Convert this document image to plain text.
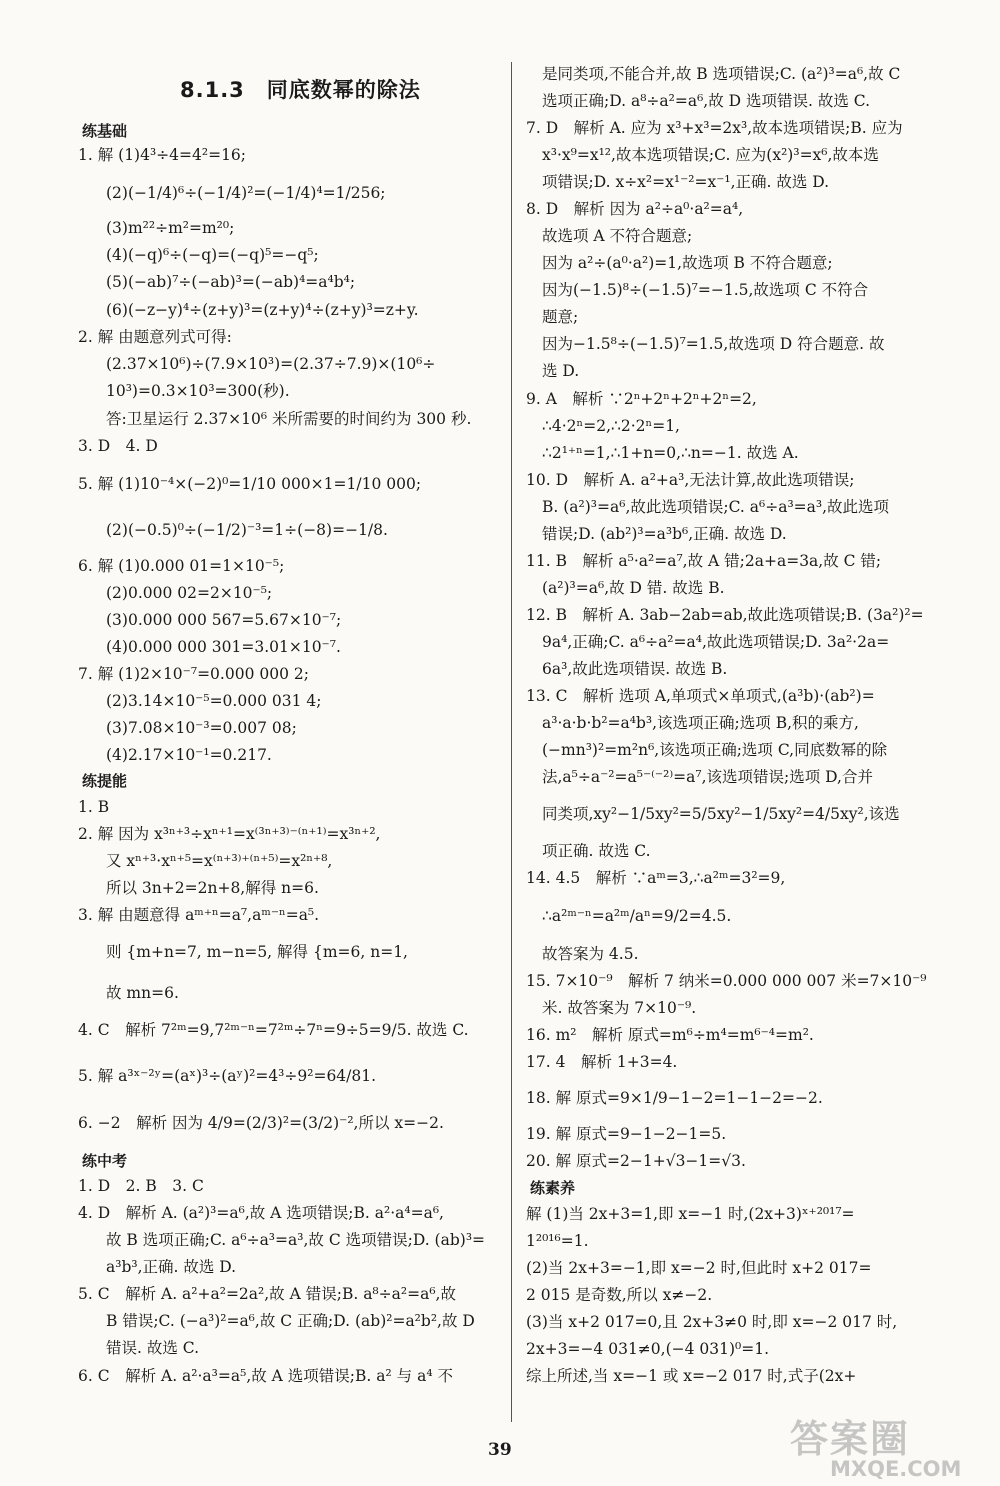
8.1.3　同底数幂的除法
练基础
1. 解 (1)4³÷4=4²=16;
(2)(−1/4)⁶÷(−1/4)²=(−1/4)⁴=1/256;
(3)m²²÷m²=m²⁰;
(4)(−q)⁶÷(−q)=(−q)⁵=−q⁵;
(5)(−ab)⁷÷(−ab)³=(−ab)⁴=a⁴b⁴;
(6)(−z−y)⁴÷(z+y)³=(z+y)⁴÷(z+y)³=z+y.
2. 解 由题意列式可得:
(2.37×10⁶)÷(7.9×10³)=(2.37÷7.9)×(10⁶÷
10³)=0.3×10³=300(秒).
答:卫星运行 2.37×10⁶ 米所需要的时间约为 300 秒.
3. D　4. D
5. 解 (1)10⁻⁴×(−2)⁰=1/10 000×1=1/10 000;
(2)(−0.5)⁰÷(−1/2)⁻³=1÷(−8)=−1/8.
6. 解 (1)0.000 01=1×10⁻⁵;
(2)0.000 02=2×10⁻⁵;
(3)0.000 000 567=5.67×10⁻⁷;
(4)0.000 000 301=3.01×10⁻⁷.
7. 解 (1)2×10⁻⁷=0.000 000 2;
(2)3.14×10⁻⁵=0.000 031 4;
(3)7.08×10⁻³=0.007 08;
(4)2.17×10⁻¹=0.217.
练提能
1. B
2. 解 因为 x³ⁿ⁺³÷xⁿ⁺¹=x⁽³ⁿ⁺³⁾⁻⁽ⁿ⁺¹⁾=x³ⁿ⁺²,
又 xⁿ⁺³·xⁿ⁺⁵=x⁽ⁿ⁺³⁾⁺⁽ⁿ⁺⁵⁾=x²ⁿ⁺⁸,
所以 3n+2=2n+8,解得 n=6.
3. 解 由题意得 aᵐ⁺ⁿ=a⁷,aᵐ⁻ⁿ=a⁵.
则 {m+n=7, m−n=5, 解得 {m=6, n=1,
故 mn=6.
4. C　解析 7²ᵐ=9,7²ᵐ⁻ⁿ=7²ᵐ÷7ⁿ=9÷5=9/5. 故选 C.
5. 解 a³ˣ⁻²ʸ=(aˣ)³÷(aʸ)²=4³÷9²=64/81.
6. −2　解析 因为 4/9=(2/3)²=(3/2)⁻²,所以 x=−2.
练中考
1. D　2. B　3. C
4. D　解析 A. (a²)³=a⁶,故 A 选项错误;B. a²·a⁴=a⁶,
故 B 选项正确;C. a⁶÷a³=a³,故 C 选项错误;D. (ab)³=
a³b³,正确. 故选 D.
5. C　解析 A. a²+a²=2a²,故 A 错误;B. a⁸÷a²=a⁶,故
B 错误;C. (−a³)²=a⁶,故 C 正确;D. (ab)²=a²b²,故 D
错误. 故选 C.
6. C　解析 A. a²·a³=a⁵,故 A 选项错误;B. a² 与 a⁴ 不
是同类项,不能合并,故 B 选项错误;C. (a²)³=a⁶,故 C
选项正确;D. a⁸÷a²=a⁶,故 D 选项错误. 故选 C.
7. D　解析 A. 应为 x³+x³=2x³,故本选项错误;B. 应为
x³·x⁹=x¹²,故本选项错误;C. 应为(x²)³=x⁶,故本选
项错误;D. x÷x²=x¹⁻²=x⁻¹,正确. 故选 D.
8. D　解析 因为 a²÷a⁰·a²=a⁴,
故选项 A 不符合题意;
因为 a²÷(a⁰·a²)=1,故选项 B 不符合题意;
因为(−1.5)⁸÷(−1.5)⁷=−1.5,故选项 C 不符合
题意;
因为−1.5⁸÷(−1.5)⁷=1.5,故选项 D 符合题意. 故
选 D.
9. A　解析 ∵2ⁿ+2ⁿ+2ⁿ+2ⁿ=2,
∴4·2ⁿ=2,∴2·2ⁿ=1,
∴2¹⁺ⁿ=1,∴1+n=0,∴n=−1. 故选 A.
10. D　解析 A. a²+a³,无法计算,故此选项错误;
B. (a²)³=a⁶,故此选项错误;C. a⁶÷a³=a³,故此选项
错误;D. (ab²)³=a³b⁶,正确. 故选 D.
11. B　解析 a⁵·a²=a⁷,故 A 错;2a+a=3a,故 C 错;
(a²)³=a⁶,故 D 错. 故选 B.
12. B　解析 A. 3ab−2ab=ab,故此选项错误;B. (3a²)²=
9a⁴,正确;C. a⁶÷a²=a⁴,故此选项错误;D. 3a²·2a=
6a³,故此选项错误. 故选 B.
13. C　解析 选项 A,单项式×单项式,(a³b)·(ab²)=
a³·a·b·b²=a⁴b³,该选项正确;选项 B,积的乘方,
(−mn³)²=m²n⁶,该选项正确;选项 C,同底数幂的除
法,a⁵÷a⁻²=a⁵⁻⁽⁻²⁾=a⁷,该选项错误;选项 D,合并
同类项,xy²−1/5xy²=5/5xy²−1/5xy²=4/5xy²,该选
项正确. 故选 C.
14. 4.5　解析 ∵aᵐ=3,∴a²ᵐ=3²=9,
∴a²ᵐ⁻ⁿ=a²ᵐ/aⁿ=9/2=4.5.
故答案为 4.5.
15. 7×10⁻⁹　解析 7 纳米=0.000 000 007 米=7×10⁻⁹
米. 故答案为 7×10⁻⁹.
16. m²　解析 原式=m⁶÷m⁴=m⁶⁻⁴=m².
17. 4　解析 1+3=4.
18. 解 原式=9×1/9−1−2=1−1−2=−2.
19. 解 原式=9−1−2−1=5.
20. 解 原式=2−1+√3−1=√3.
练素养
解 (1)当 2x+3=1,即 x=−1 时,(2x+3)ˣ⁺²⁰¹⁷=
1²⁰¹⁶=1.
(2)当 2x+3=−1,即 x=−2 时,但此时 x+2 017=
2 015 是奇数,所以 x≠−2.
(3)当 x+2 017=0,且 2x+3≠0 时,即 x=−2 017 时,
2x+3=−4 031≠0,(−4 031)⁰=1.
综上所述,当 x=−1 或 x=−2 017 时,式子(2x+
39	答案圈
MXQE.COM
